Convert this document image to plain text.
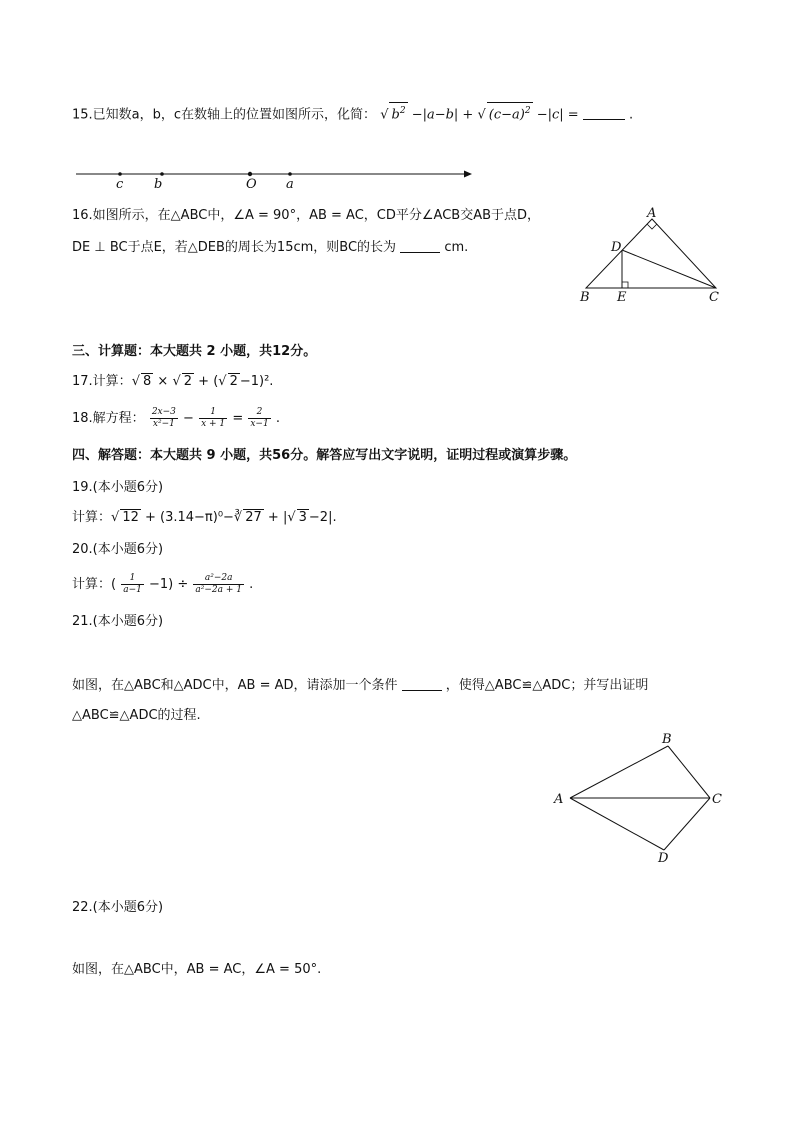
15.已知数a，b，c在数轴上的位置如图所示，化简： √ $b^2 -|a-b|$ + √ $(c-a)^2 -|c|$ =	.
c b	O a
16.如图所示，在△ABC中，∠A = 90°，AB = AC，CD平分∠ACB交AB于点D，
DE ⊥ BC于点E，若△DEB的周长为15cm，则BC的长为	cm.
A
D
B E	C
三、计算题：本大题共 2 小题，共12分。
17.计算：√ 8 × √ 2 + (√ 2 −1)².
18.解方程： $\frac{2x-3}{\text{x²−1}} - \frac{1}{x + 1} = \frac{2}{x-1}$ .
四、解答题：本大题共 9 小题，共56分。解答应写出文字说明，证明过程或演算步骤。
19.(本小题6分)
计算：√ 12 + (3.14−π)⁰−∛ 27 + |√ 3 −2|.
20.(本小题6分)
计算：( $\frac{1}{a-1} -1) \div \frac{\text{a²−2a}}{\text{a²−2a + 1}}$ .
21.(本小题6分)
如图，在△ABC和△ADC中，AB = AD，请添加一个条件	，使得△ABC≌△ADC；并写出证明
△ABC≌△ADC的过程.
B
A	C
D
22.(本小题6分)
如图，在△ABC中，AB = AC，∠A = 50°.
